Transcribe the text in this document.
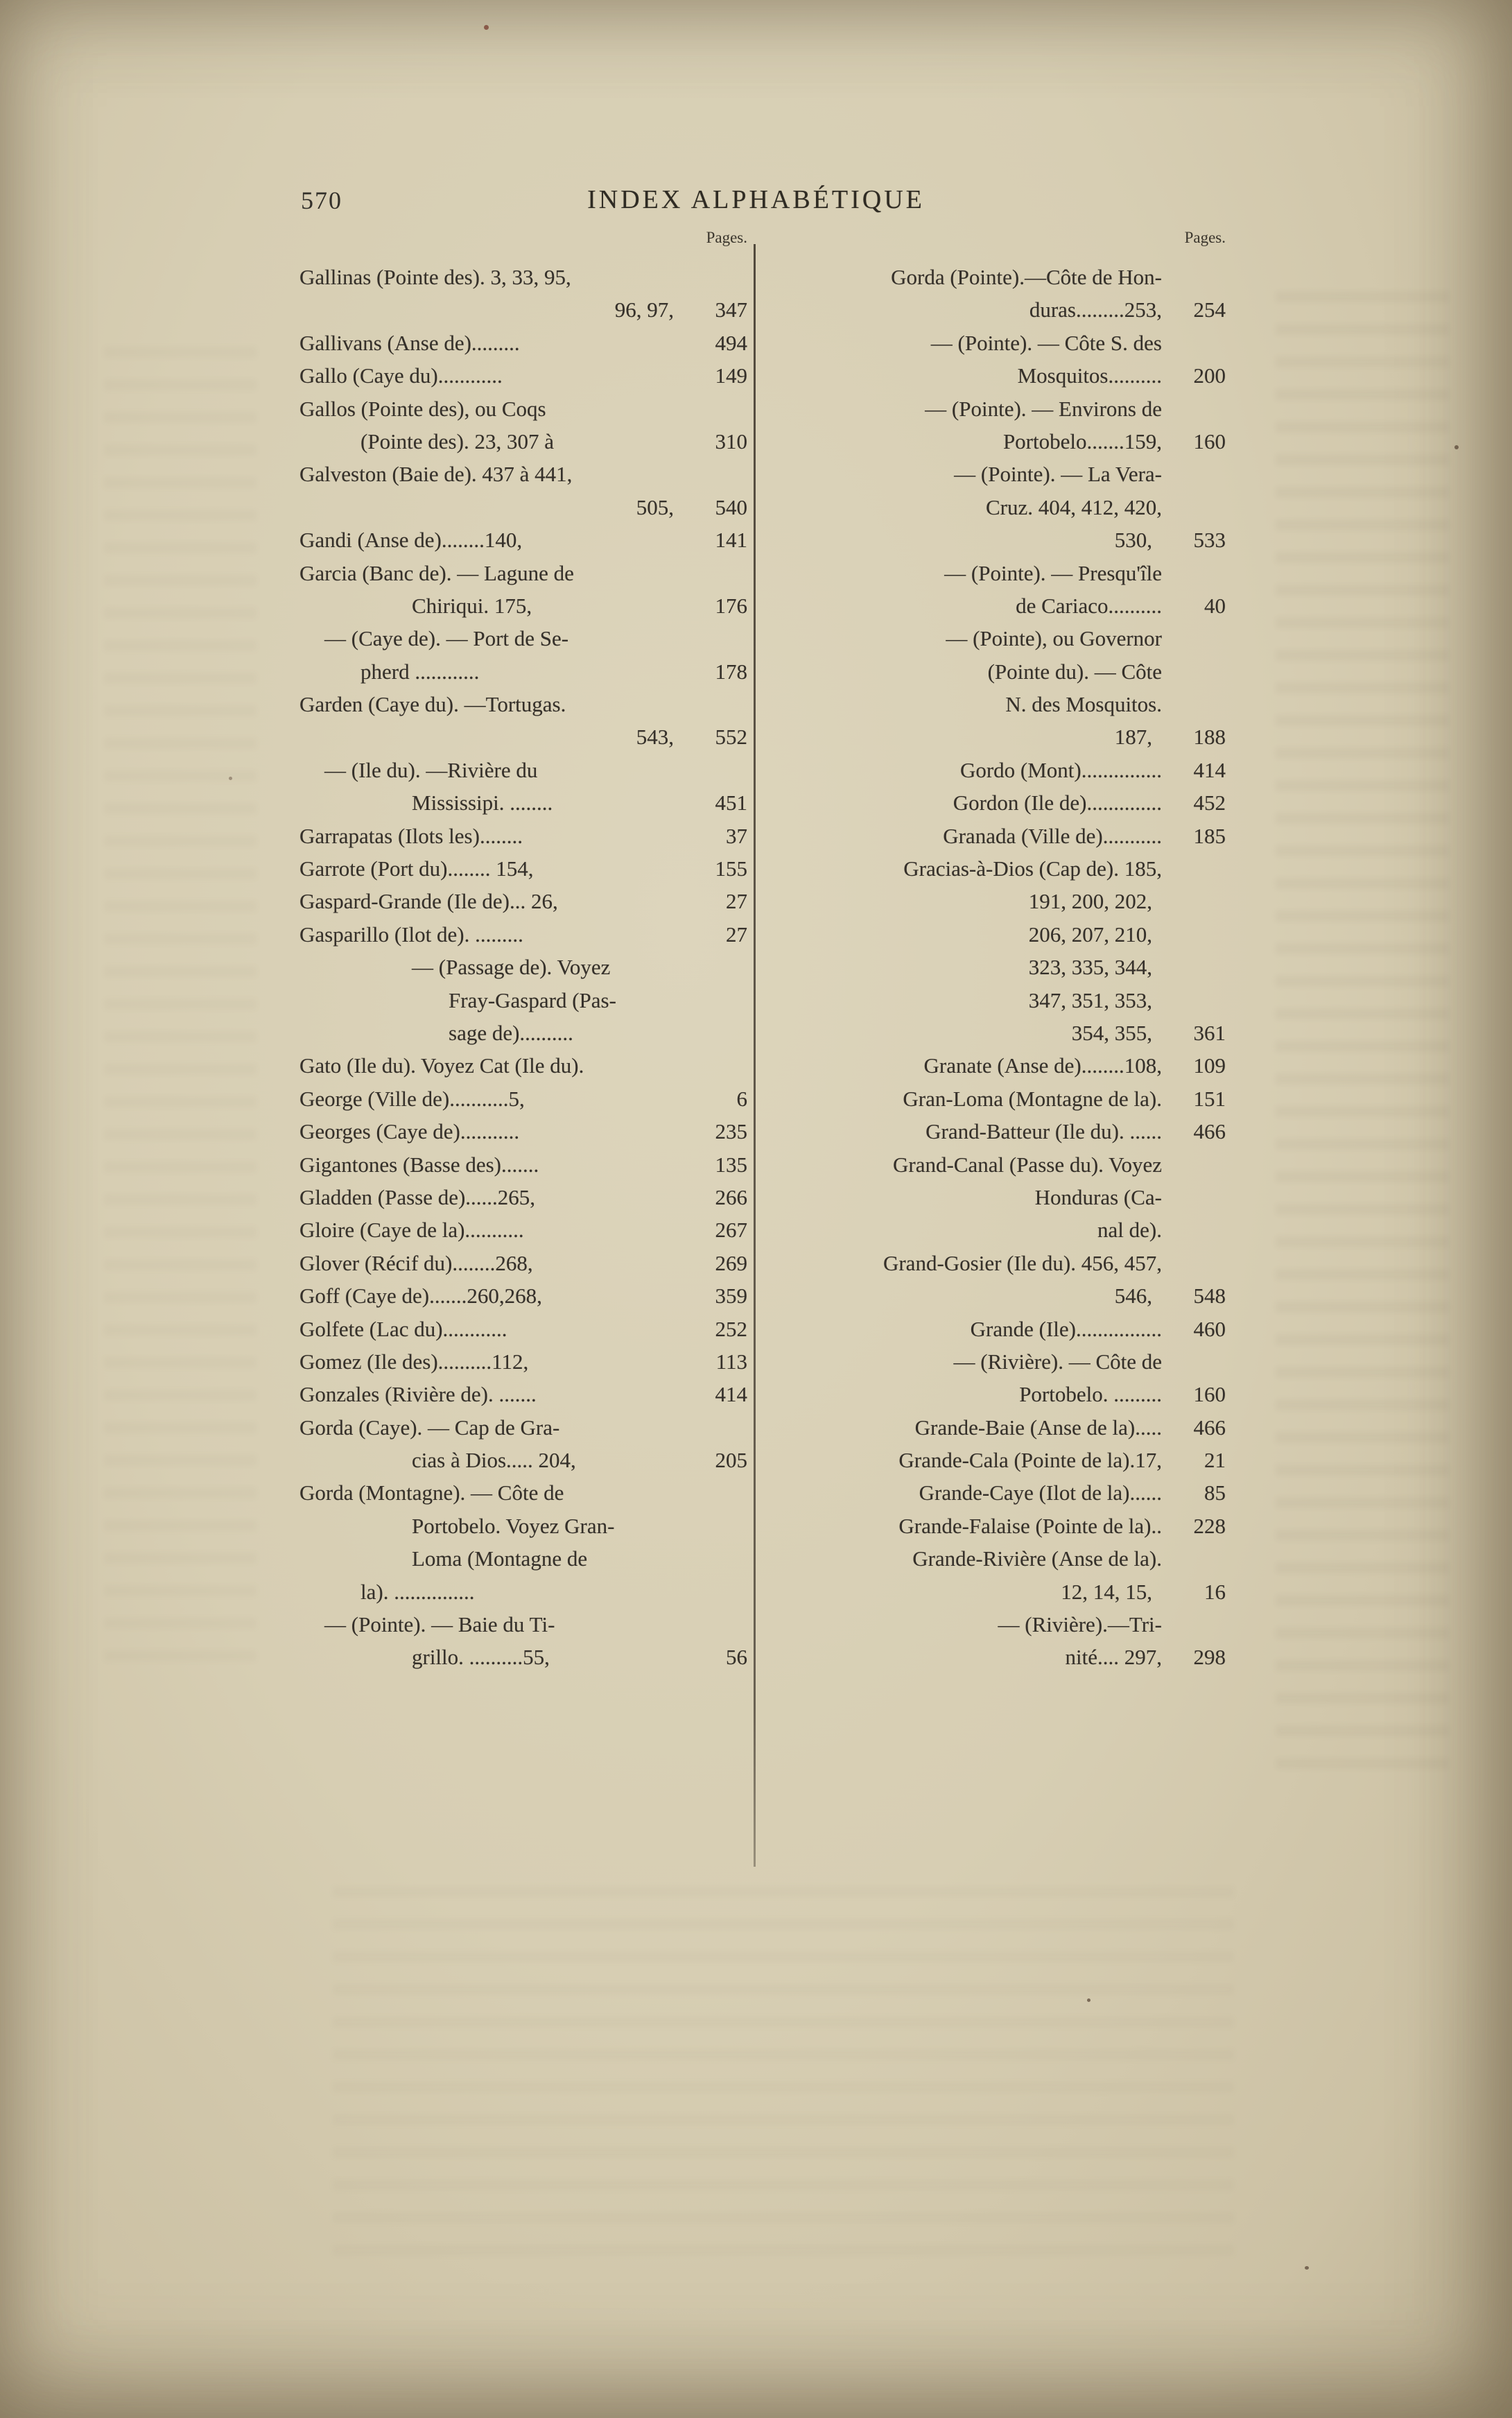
570	INDEX ALPHABÉTIQUE
Pages.	Pages.
Gallinas (Pointe des). 3, 33, 95,
96, 97,	347
Gallivans (Anse de).........	494
Gallo (Caye du)............	149
Gallos (Pointe des), ou Coqs
(Pointe des). 23, 307 à	310
Galveston (Baie de). 437 à 441,
505,	540
Gandi (Anse de)........140,	141
Garcia (Banc de). — Lagune de
Chiriqui. 175,	176
— (Caye de). — Port de Se-
pherd ............	178
Garden (Caye du). —Tortugas.
543,	552
— (Ile du). —Rivière du
Mississipi. ........	451
Garrapatas (Ilots les)........	37
Garrote (Port du)........ 154,	155
Gaspard-Grande (Ile de)... 26,	27
Gasparillo (Ilot de). .........	27
— (Passage de). Voyez
Fray-Gaspard (Pas-
sage de)..........
Gato (Ile du). Voyez Cat (Ile du).
George (Ville de)...........5,	6
Georges (Caye de)...........	235
Gigantones (Basse des).......	135
Gladden (Passe de)......265,	266
Gloire (Caye de la)...........	267
Glover (Récif du)........268,	269
Goff (Caye de).......260,268,	359
Golfete (Lac du)............	252
Gomez (Ile des)..........112,	113
Gonzales (Rivière de). .......	414
Gorda (Caye). — Cap de Gra-
cias à Dios..... 204,	205
Gorda (Montagne). — Côte de
Portobelo. Voyez Gran-
Loma (Montagne de
la). ...............
— (Pointe). — Baie du Ti-
grillo. ..........55,	56
Gorda (Pointe).—Côte de Hon-
duras.........253,	254
— (Pointe). — Côte S. des
Mosquitos..........	200
— (Pointe). — Environs de
Portobelo.......159,	160
— (Pointe). — La Vera-
Cruz. 404, 412, 420,
530,	533
— (Pointe). — Presqu'île
de Cariaco..........	40
— (Pointe), ou Governor
(Pointe du). — Côte
N. des Mosquitos.
187,	188
Gordo (Mont)...............	414
Gordon (Ile de)..............	452
Granada (Ville de)...........	185
Gracias-à-Dios (Cap de). 185,
191, 200, 202,
206, 207, 210,
323, 335, 344,
347, 351, 353,
354, 355,	361
Granate (Anse de)........108,	109
Gran-Loma (Montagne de la).	151
Grand-Batteur (Ile du). ......	466
Grand-Canal (Passe du). Voyez
Honduras (Ca-
nal de).
Grand-Gosier (Ile du). 456, 457,
546,	548
Grande (Ile)................	460
— (Rivière). — Côte de
Portobelo. .........	160
Grande-Baie (Anse de la).....	466
Grande-Cala (Pointe de la).17,	21
Grande-Caye (Ilot de la)......	85
Grande-Falaise (Pointe de la)..	228
Grande-Rivière (Anse de la).
12, 14, 15,	16
— (Rivière).—Tri-
nité.... 297,	298
